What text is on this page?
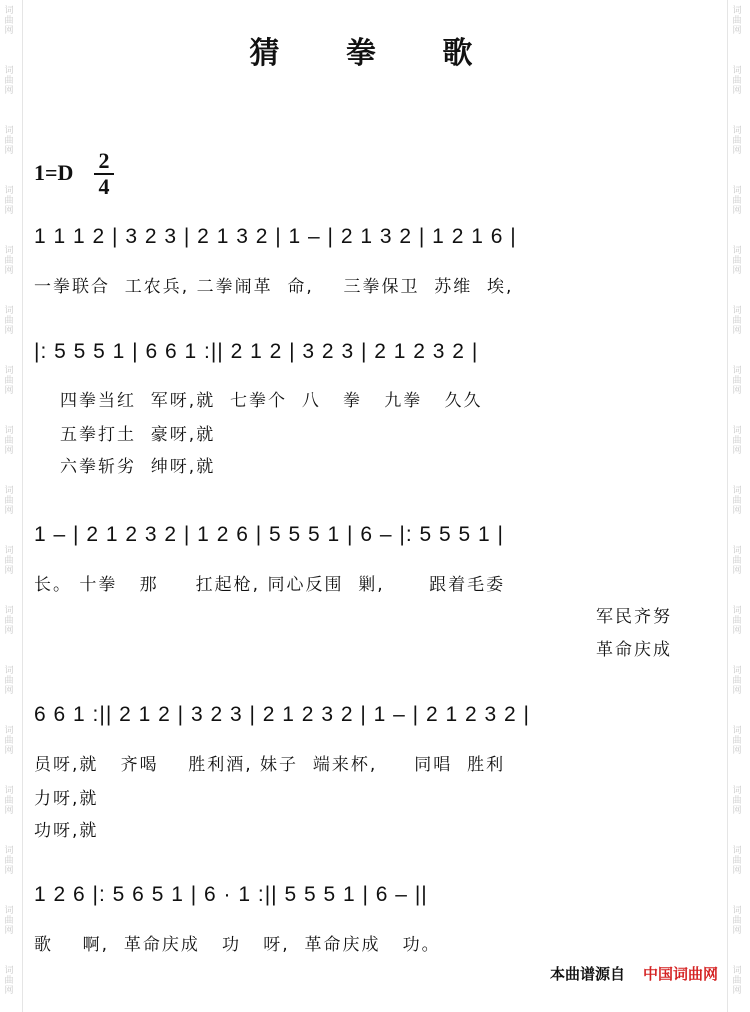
词
曲
网
词
曲
网
词
曲
网
词
曲
网
词
曲
网
词
曲
网
词
曲
网
词
曲
网
词
曲
网
词
曲
网
词
曲
网
词
曲
网
词
曲
网
词
曲
网
词
曲
网
词
曲
网
词
曲
网
词
曲
网
词
曲
网
词
曲
网
词
曲
网
词
曲
网
词
曲
网
词
曲
网
词
曲
网
词
曲
网
词
曲
网
词
曲
网
词
曲
网
词
曲
网
词
曲
网
词
曲
网
词
曲
网
词
曲
网
猜 拳 歌
1=D 2
4
1 1 1 2 | 3 2 3 | 2 1 3 2 | 1 – | 2 1 3 2 | 1 2 1 6 |
一拳联合  工农兵, 二拳闹革  命,    三拳保卫  苏维  埃,
|: 5 5 5 1 | 6 6 1 :|| 2 1 2 | 3 2 3 | 2 1 2 3 2 |
四拳当红  军呀,就  七拳个  八   拳   九拳   久久
五拳打土  豪呀,就
六拳斩劣  绅呀,就
1 – | 2 1 2 3 2 | 1 2 6 | 5 5 5 1 | 6 – |: 5 5 5 1 |
长。 十拳   那     扛起枪, 同心反围  剿,      跟着毛委
军民齐努
革命庆成
6 6 1 :|| 2 1 2 | 3 2 3 | 2 1 2 3 2 | 1 – | 2 1 2 3 2 |
员呀,就   齐喝    胜利酒, 妹子  端来杯,     同唱  胜利
力呀,就
功呀,就
1 2 6 |: 5 6 5 1 | 6 · 1 :|| 5 5 5 1 | 6 – ||
歌    啊,  革命庆成   功   呀,  革命庆成   功。
本曲谱源自 中国词曲网
